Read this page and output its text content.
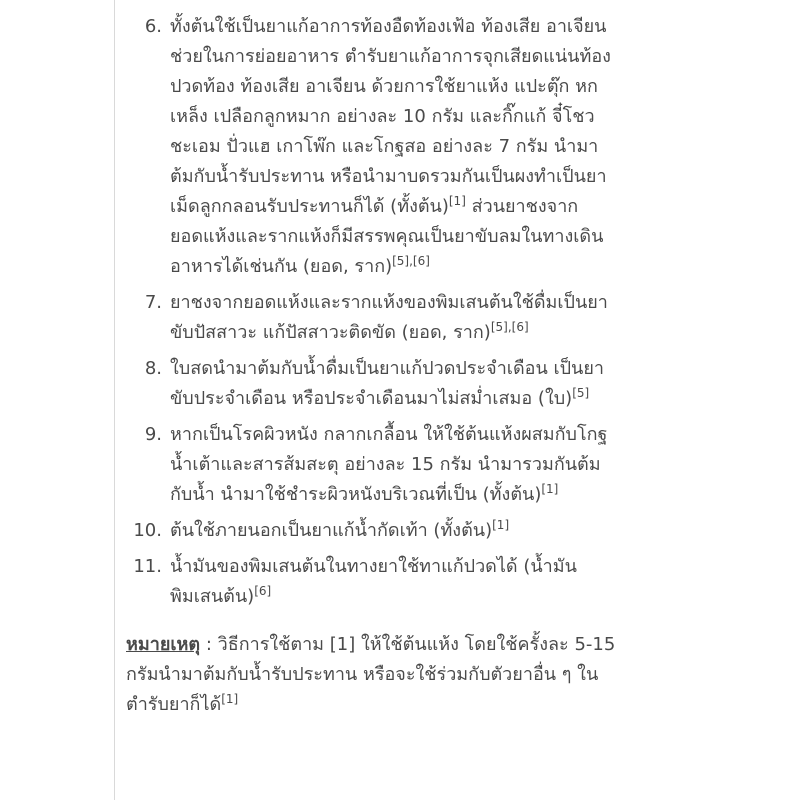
6. ทั้งต้นใช้เป็นยาแก้อาการท้องอืดท้องเฟ้อ ท้องเสีย อาเจียน
ช่วยในการย่อยอาหาร ตำรับยาแก้อาการจุกเสียดแน่นท้อง
ปวดท้อง ท้องเสีย อาเจียน ด้วยการใช้ยาแห้ง แปะตุ๊ก หก
เหล็ง เปลือกลูกหมาก อย่างละ 10 กรัม และกิ๊กแก้ จี๋โชว
ชะเอม ปั่วแฮ เกาโพ๊ก และโกฐสอ อย่างละ 7 กรัม นำมา
ต้มกับน้ำรับประทาน หรือนำมาบดรวมกันเป็นผงทำเป็นยา
เม็ดลูกกลอนรับประทานก็ได้ (ทั้งต้น)[1] ส่วนยาชงจาก
ยอดแห้งและรากแห้งก็มีสรรพคุณเป็นยาขับลมในทางเดิน
อาหารได้เช่นกัน (ยอด, ราก)[5],[6]
7. ยาชงจากยอดแห้งและรากแห้งของพิมเสนต้นใช้ดื่มเป็นยา
ขับปัสสาวะ แก้ปัสสาวะติดขัด (ยอด, ราก)[5],[6]
8. ใบสดนำมาต้มกับน้ำดื่มเป็นยาแก้ปวดประจำเดือน เป็นยา
ขับประจำเดือน หรือประจำเดือนมาไม่สม่ำเสมอ (ใบ)[5]
9. หากเป็นโรคผิวหนัง กลากเกลื้อน ให้ใช้ต้นแห้งผสมกับโกฐ
น้ำเต้าและสารส้มสะตุ อย่างละ 15 กรัม นำมารวมกันต้ม
กับน้ำ นำมาใช้ชำระผิวหนังบริเวณที่เป็น (ทั้งต้น)[1]
10. ต้นใช้ภายนอกเป็นยาแก้น้ำกัดเท้า (ทั้งต้น)[1]
11. น้ำมันของพิมเสนต้นในทางยาใช้ทาแก้ปวดได้ (น้ำมัน
พิมเสนต้น)[6]
หมายเหตุ : วิธีการใช้ตาม [1] ให้ใช้ต้นแห้ง โดยใช้ครั้งละ 5-15
กรัมนำมาต้มกับน้ำรับประทาน หรือจะใช้ร่วมกับตัวยาอื่น ๆ ใน
ตำรับยาก็ได้[1]
